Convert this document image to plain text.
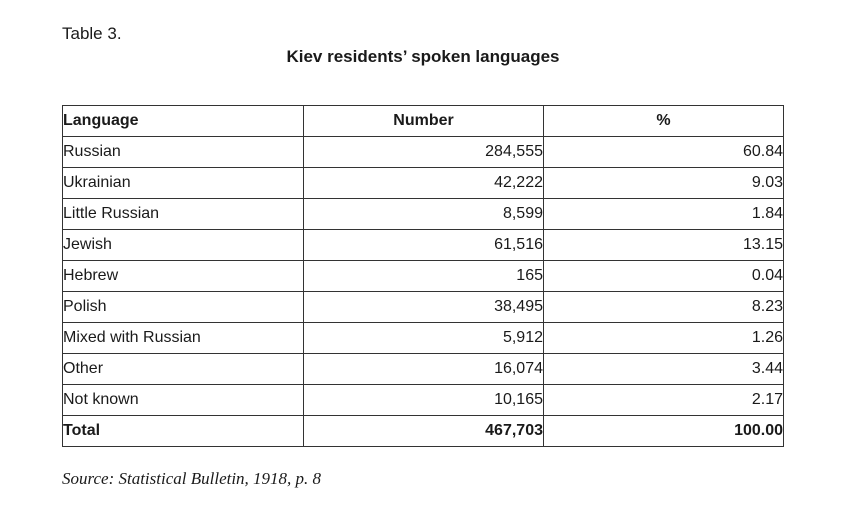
Table 3.
Kiev residents’ spoken languages
Language	Number	%
Russian	284,555	60.84
Ukrainian	42,222	9.03
Little Russian	8,599	1.84
Jewish	61,516	13.15
Hebrew	165	0.04
Polish	38,495	8.23
Mixed with Russian	5,912	1.26
Other	16,074	3.44
Not known	10,165	2.17
Total	467,703	100.00
Source: Statistical Bulletin, 1918, p. 8
